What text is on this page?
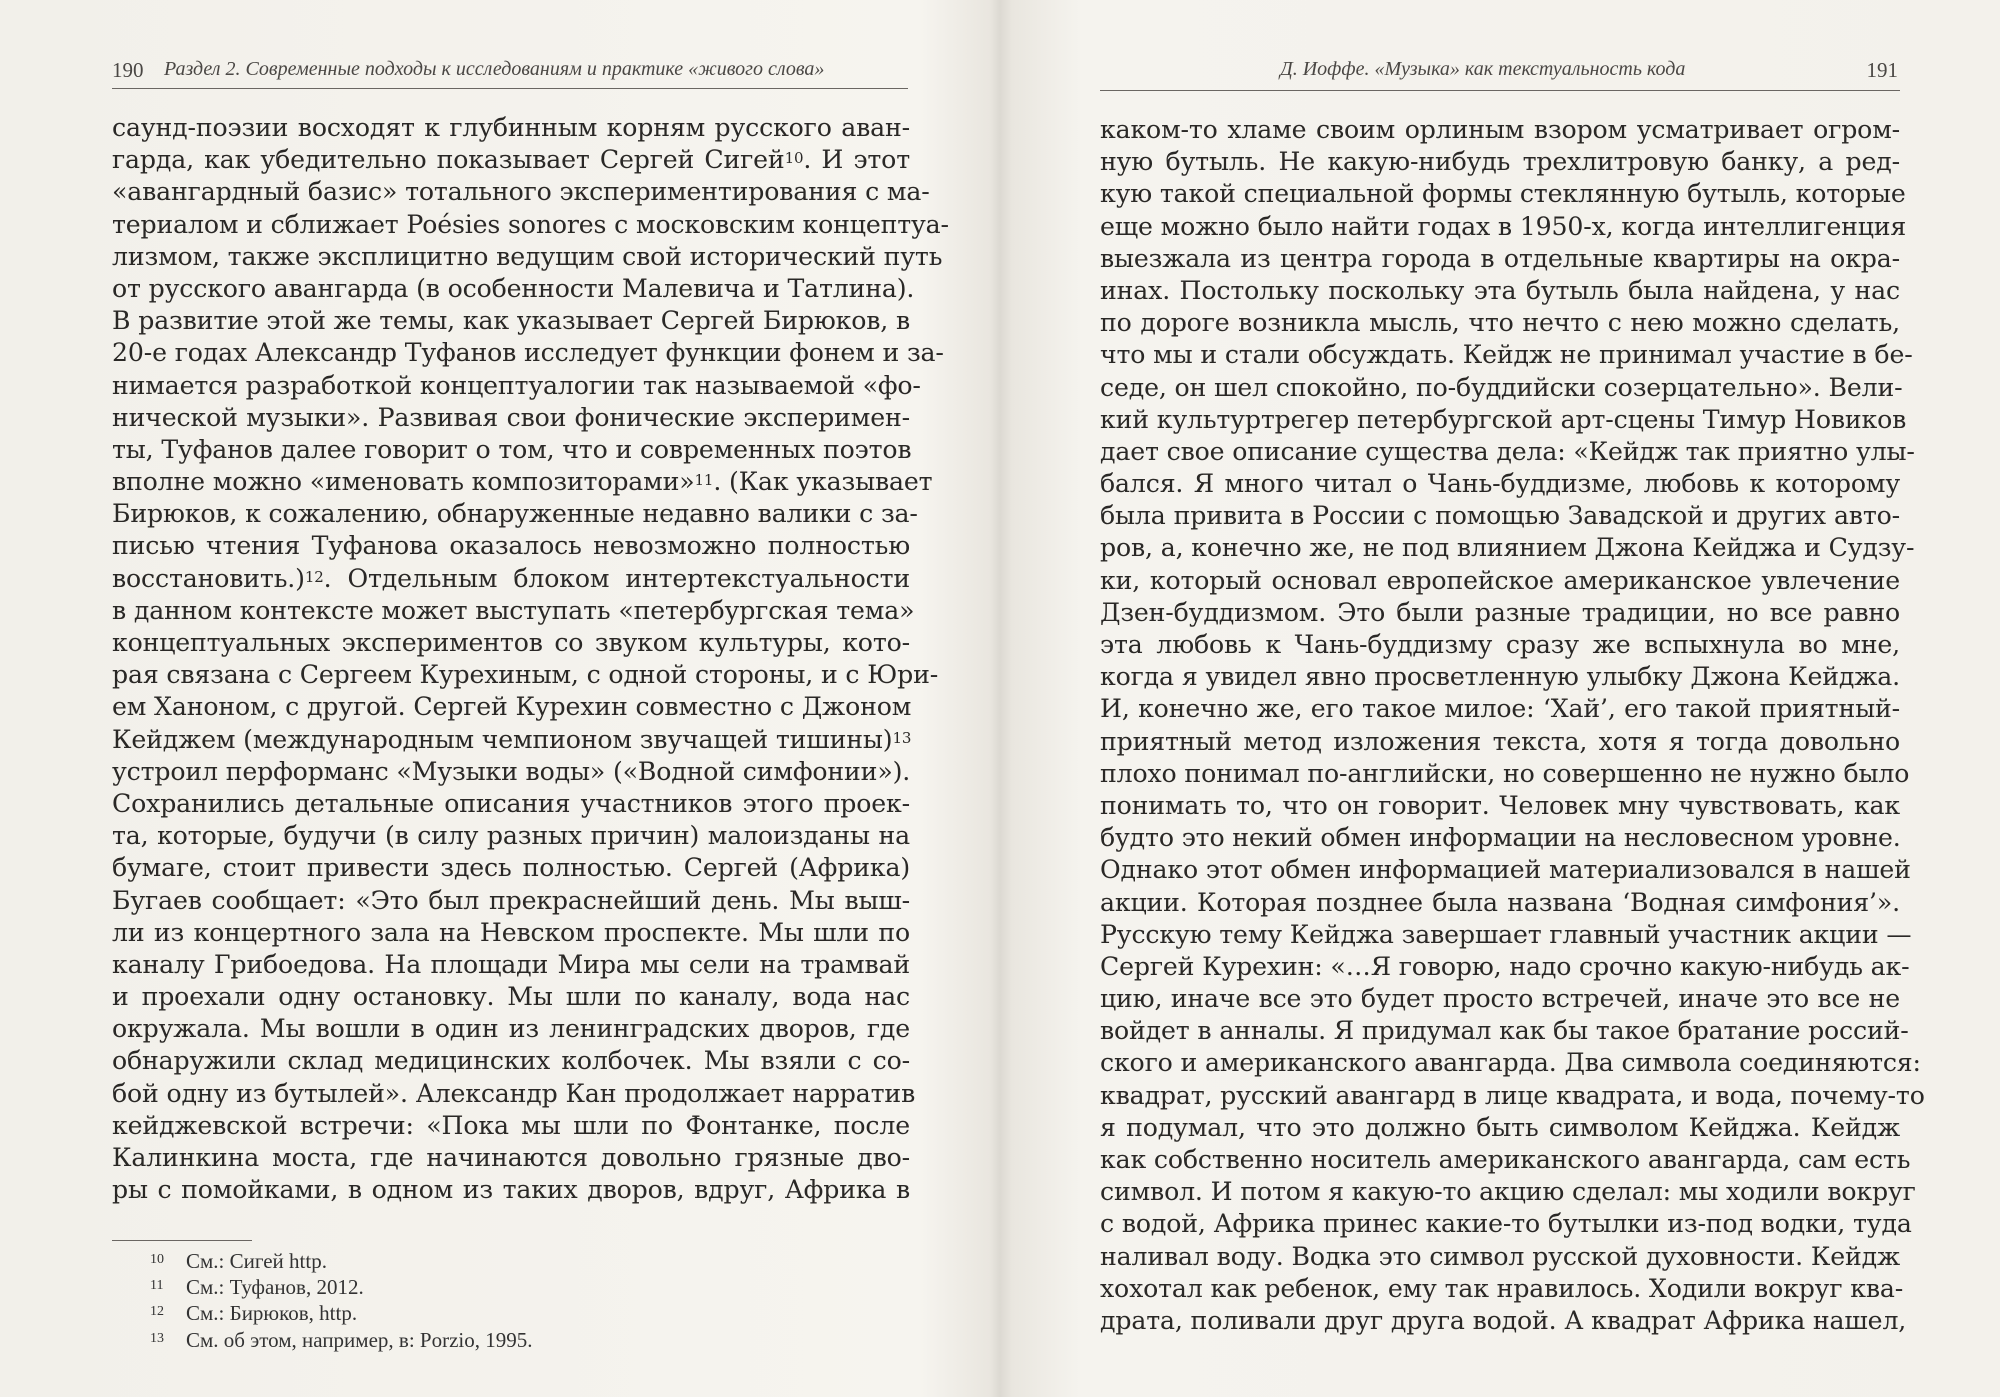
190 Раздел 2. Современные подходы к исследованиям и практике «живого слова»
саунд-поэзии восходят к глубинным корням русского аван-
гарда, как убедительно показывает Сергей Сигей$^{10}$. И этот
«авангардный базис» тотального экспериментирования с ма-
териалом и сближает Poésies sonores с московским концептуа-
лизмом, также эксплицитно ведущим свой исторический путь
от русского авангарда (в особенности Малевича и Татлина).
В развитие этой же темы, как указывает Сергей Бирюков, в
20-е годах Александр Туфанов исследует функции фонем и за-
нимается разработкой концептуалогии так называемой «фо-
нической музыки». Развивая свои фонические эксперимен-
ты, Туфанов далее говорит о том, что и современных поэтов
вполне можно «именовать композиторами»$^{11}$. (Как указывает
Бирюков, к сожалению, обнаруженные недавно валики с за-
писью чтения Туфанова оказалось невозможно полностью
восстановить.)$^{12}$. Отдельным блоком интертекстуальности
в данном контексте может выступать «петербургская тема»
концептуальных экспериментов со звуком культуры, кото-
рая связана с Сергеем Курехиным, с одной стороны, и с Юри-
ем Ханоном, с другой. Сергей Курехин совместно с Джоном
Кейджем (международным чемпионом звучащей тишины)$^{13}$
устроил перформанс «Музыки воды» («Водной симфонии»).
Сохранились детальные описания участников этого проек-
та, которые, будучи (в силу разных причин) малоизданы на
бумаге, стоит привести здесь полностью. Сергей (Африка)
Бугаев сообщает: «Это был прекраснейший день. Мы выш-
ли из концертного зала на Невском проспекте. Мы шли по
каналу Грибоедова. На площади Мира мы сели на трамвай
и проехали одну остановку. Мы шли по каналу, вода нас
окружала. Мы вошли в один из ленинградских дворов, где
обнаружили склад медицинских колбочек. Мы взяли с со-
бой одну из бутылей». Александр Кан продолжает нарратив
кейджевской встречи: «Пока мы шли по Фонтанке, после
Калинкина моста, где начинаются довольно грязные дво-
ры с помойками, в одном из таких дворов, вдруг, Африка в
10 См.: Сигей http.
11 См.: Туфанов, 2012.
12 См.: Бирюков, http.
13 См. об этом, например, в: Porzio, 1995.
Д. Иоффе. «Музыка» как текстуальность кода	191
каком-то хламе своим орлиным взором усматривает огром-
ную бутыль. Не какую-нибудь трехлитровую банку, а ред-
кую такой специальной формы стеклянную бутыль, которые
еще можно было найти годах в 1950-х, когда интеллигенция
выезжала из центра города в отдельные квартиры на окра-
инах. Постольку поскольку эта бутыль была найдена, у нас
по дороге возникла мысль, что нечто с нею можно сделать,
что мы и стали обсуждать. Кейдж не принимал участие в бе-
седе, он шел спокойно, по-буддийски созерцательно». Вели-
кий культуртрегер петербургской арт-сцены Тимур Новиков
дает свое описание существа дела: «Кейдж так приятно улы-
бался. Я много читал о Чань-буддизме, любовь к которому
была привита в России с помощью Завадской и других авто-
ров, а, конечно же, не под влиянием Джона Кейджа и Судзу-
ки, который основал европейское американское увлечение
Дзен-буддизмом. Это были разные традиции, но все равно
эта любовь к Чань-буддизму сразу же вспыхнула во мне,
когда я увидел явно просветленную улыбку Джона Кейджа.
И, конечно же, его такое милое: ‘Хай’, его такой приятный-
приятный метод изложения текста, хотя я тогда довольно
плохо понимал по-английски, но совершенно не нужно было
понимать то, что он говорит. Человек мну чувствовать, как
будто это некий обмен информации на несловесном уровне.
Однако этот обмен информацией материализовался в нашей
акции. Которая позднее была названа ‘Водная симфония’».
Русскую тему Кейджа завершает главный участник акции —
Сергей Курехин: «…Я говорю, надо срочно какую-нибудь ак-
цию, иначе все это будет просто встречей, иначе это все не
войдет в анналы. Я придумал как бы такое братание россий-
ского и американского авангарда. Два символа соединяются:
квадрат, русский авангард в лице квадрата, и вода, почему-то
я подумал, что это должно быть символом Кейджа. Кейдж
как собственно носитель американского авангарда, сам есть
символ. И потом я какую-то акцию сделал: мы ходили вокруг
с водой, Африка принес какие-то бутылки из-под водки, туда
наливал воду. Водка это символ русской духовности. Кейдж
хохотал как ребенок, ему так нравилось. Ходили вокруг ква-
драта, поливали друг друга водой. А квадрат Африка нашел,
